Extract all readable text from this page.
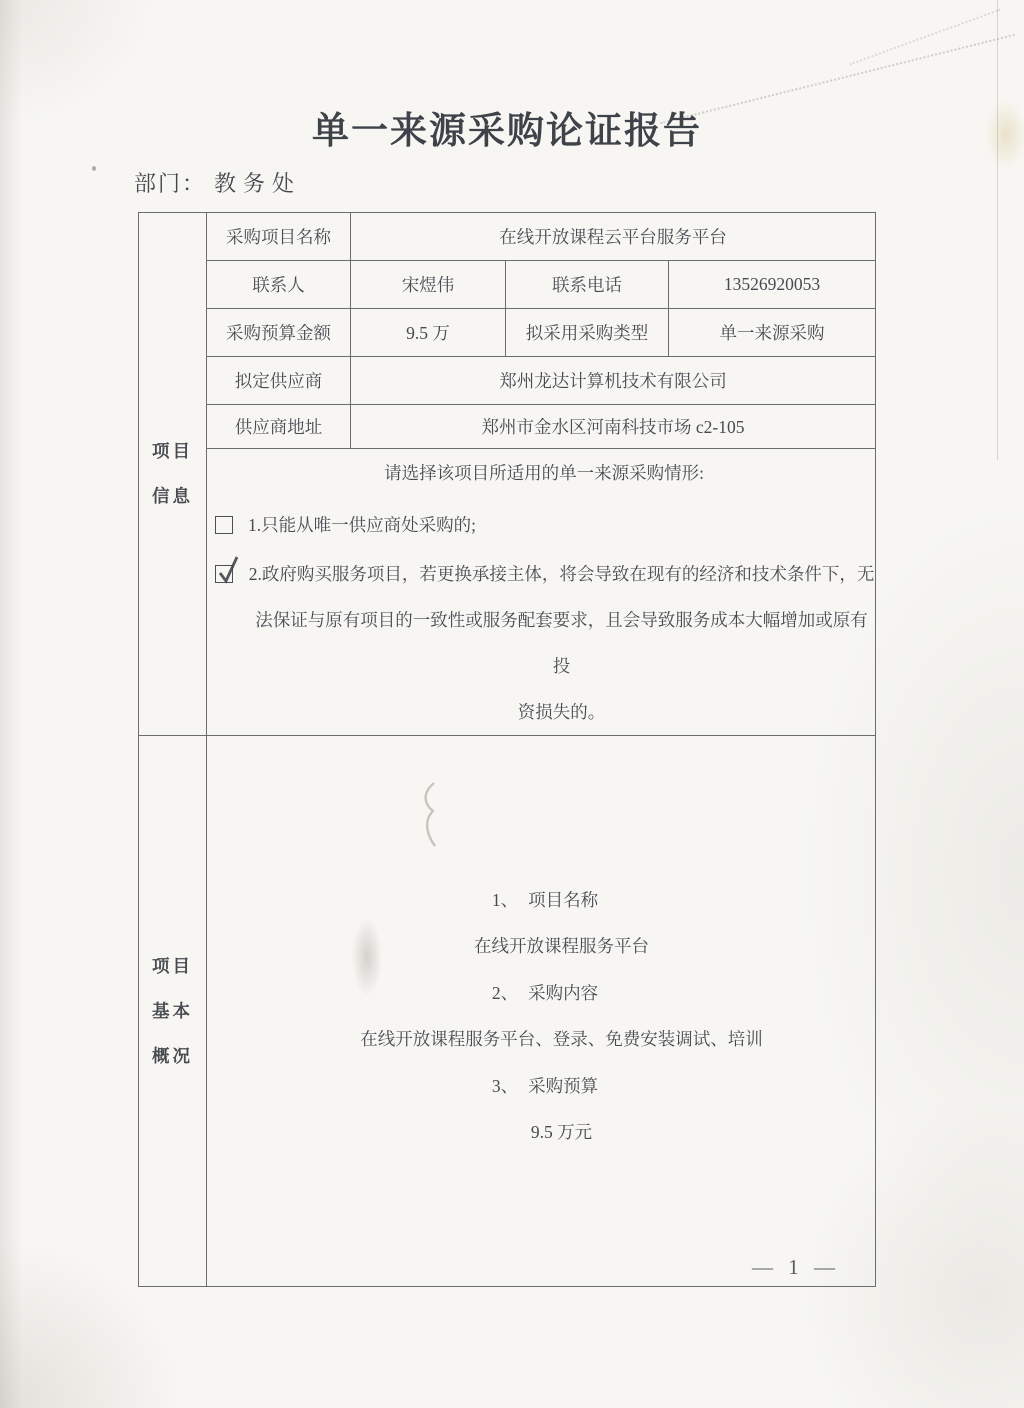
单一来源采购论证报告
部门： 教务处
项目
信息	采购项目名称	在线开放课程云平台服务平台		
	联系人	宋煜伟	联系电话	13526920053
	采购预算金额	9.5 万	拟采用采购类型	单一来源采购
	拟定供应商	郑州龙达计算机技术有限公司		
	供应商地址	郑州市金水区河南科技市场 c2-105		

	请选择该项目所适用的单一来源采购情形:
1.只能从唯一供应商处采购的;
2.政府购买服务项目，若更换承接主体，将会导致在现有的经济和技术条件下，无
法保证与原有项目的一致性或服务配套要求，且会导致服务成本大幅增加或原有投
资损失的。			

项目
基本
概况

1、 项目名称
在线开放课程服务平台
2、 采购内容
在线开放课程服务平台、登录、免费安装调试、培训
3、 采购预算
9.5 万元
— 1 —
